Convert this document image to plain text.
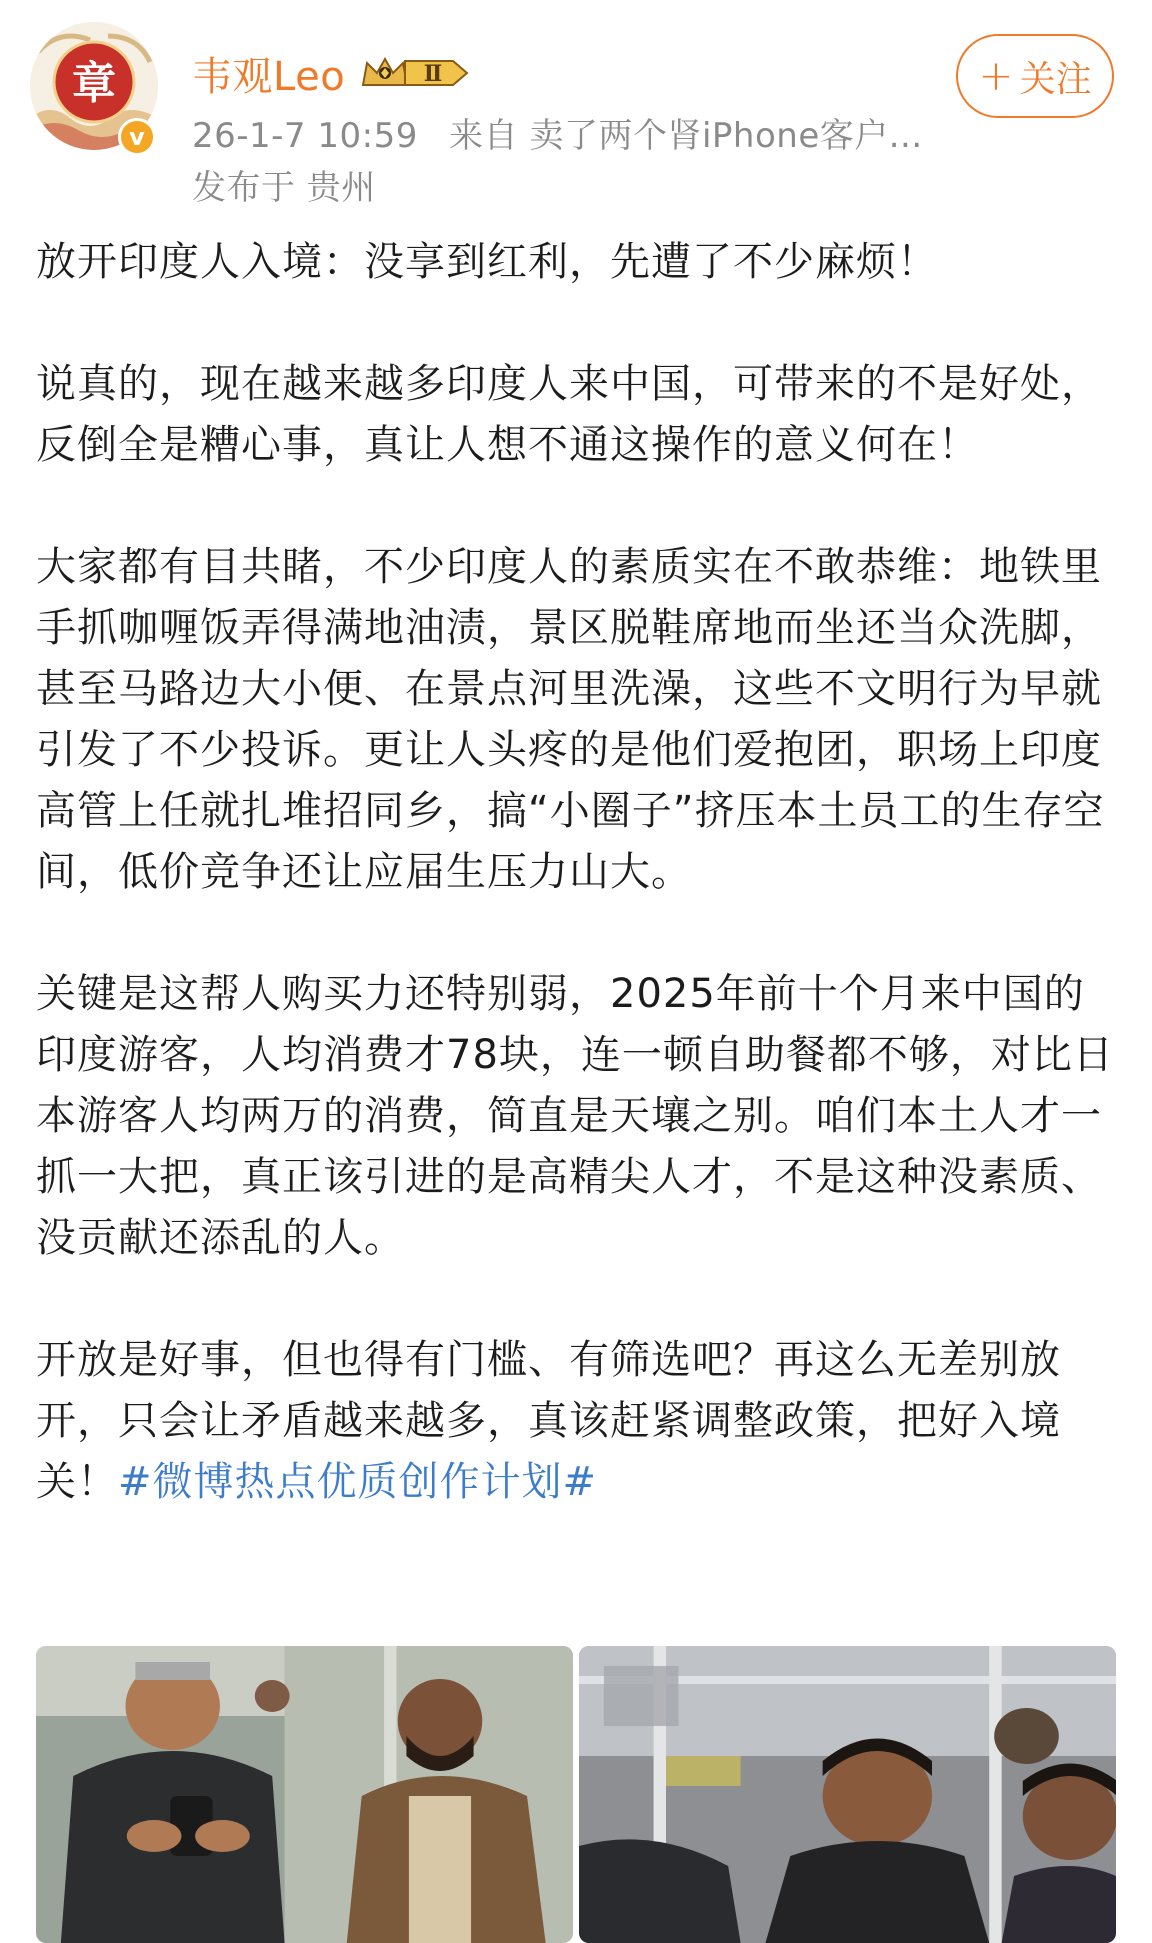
章
v
韦观Leo	Ⅱ
26-1-7 10:59 来自 卖了两个肾iPhone客户...
发布于 贵州
+ 关注

放开印度人入境：没享到红利，先遭了不少麻烦！

说真的，现在越来越多印度人来中国，可带来的不是好处，反倒全是糟心事，真让人想不通这操作的意义何在！

大家都有目共睹，不少印度人的素质实在不敢恭维：地铁里手抓咖喱饭弄得满地油渍，景区脱鞋席地而坐还当众洗脚，甚至马路边大小便、在景点河里洗澡，这些不文明行为早就引发了不少投诉。更让人头疼的是他们爱抱团，职场上印度高管上任就扎堆招同乡，搞“小圈子”挤压本土员工的生存空间，低价竞争还让应届生压力山大。

关键是这帮人购买力还特别弱，2025年前十个月来中国的印度游客，人均消费才78块，连一顿自助餐都不够，对比日本游客人均两万的消费，简直是天壤之别。咱们本土人才一抓一大把，真正该引进的是高精尖人才，不是这种没素质、没贡献还添乱的人。

开放是好事，但也得有门槛、有筛选吧？再这么无差别放开，只会让矛盾越来越多，真该赶紧调整政策，把好入境关！#微博热点优质创作计划#
